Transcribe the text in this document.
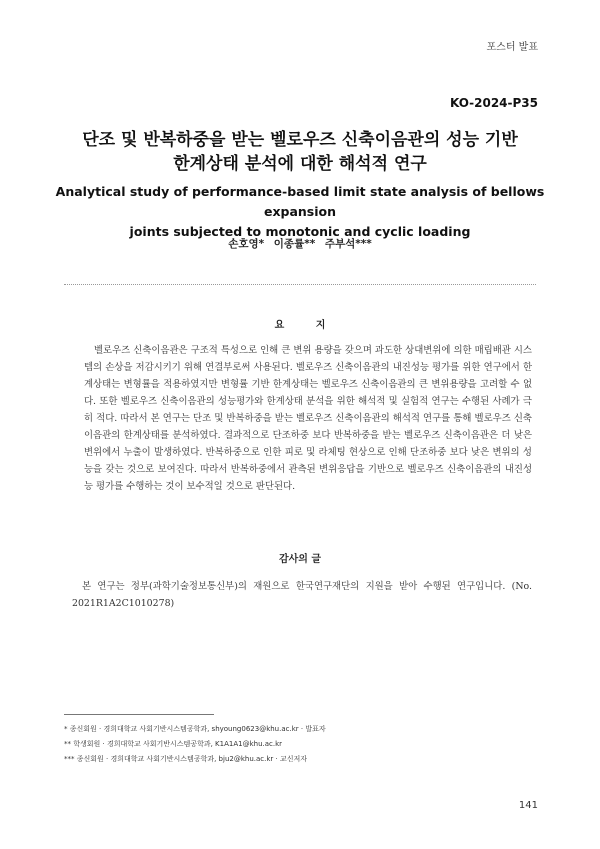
포스터 발표
KO-2024-P35
단조 및 반복하중을 받는 벨로우즈 신축이음관의 성능 기반
한계상태 분석에 대한 해석적 연구
Analytical study of performance-based limit state analysis of bellows expansion
joints subjected to monotonic and cyclic loading
손호영* 이종률** 주부석***
요 지

벨로우즈 신축이음관은 구조적 특성으로 인해 큰 변위 용량을 갖으며 과도한 상대변위에 의한 매립배관 시스템의 손상을 저감시키기 위해 연결부로써 사용된다. 벨로우즈 신축이음관의 내진성능 평가를 위한 연구에서 한계상태는 변형률을 적용하였지만 변형률 기반 한계상태는 벨로우즈 신축이음관의 큰 변위용량을 고려할 수 없다. 또한 벨로우즈 신축이음관의 성능평가와 한계상태 분석을 위한 해석적 및 실험적 연구는 수행된 사례가 극히 적다. 따라서 본 연구는 단조 및 반복하중을 받는 벨로우즈 신축이음관의 해석적 연구를 통해 벨로우즈 신축이음관의 한계상태를 분석하였다. 결과적으로 단조하중 보다 반복하중을 받는 벨로우즈 신축이음관은 더 낮은 변위에서 누출이 발생하였다. 반복하중으로 인한 피로 및 라체팅 현상으로 인해 단조하중 보다 낮은 변위의 성능을 갖는 것으로 보여진다. 따라서 반복하중에서 관측된 변위응답을 기반으로 벨로우즈 신축이음관의 내진성능 평가를 수행하는 것이 보수적일 것으로 판단된다.

감사의 글

본 연구는 정부(과학기술정보통신부)의 재원으로 한국연구재단의 지원을 받아 수행된 연구입니다. (No. 2021R1A2C1010278)

* 종신회원 · 경희대학교 사회기반시스템공학과, shyoung0623@khu.ac.kr · 발표자
** 학생회원 · 경희대학교 사회기반시스템공학과, K1A1A1@khu.ac.kr
*** 종신회원 · 경희대학교 사회기반시스템공학과, bju2@khu.ac.kr · 교신저자
141
